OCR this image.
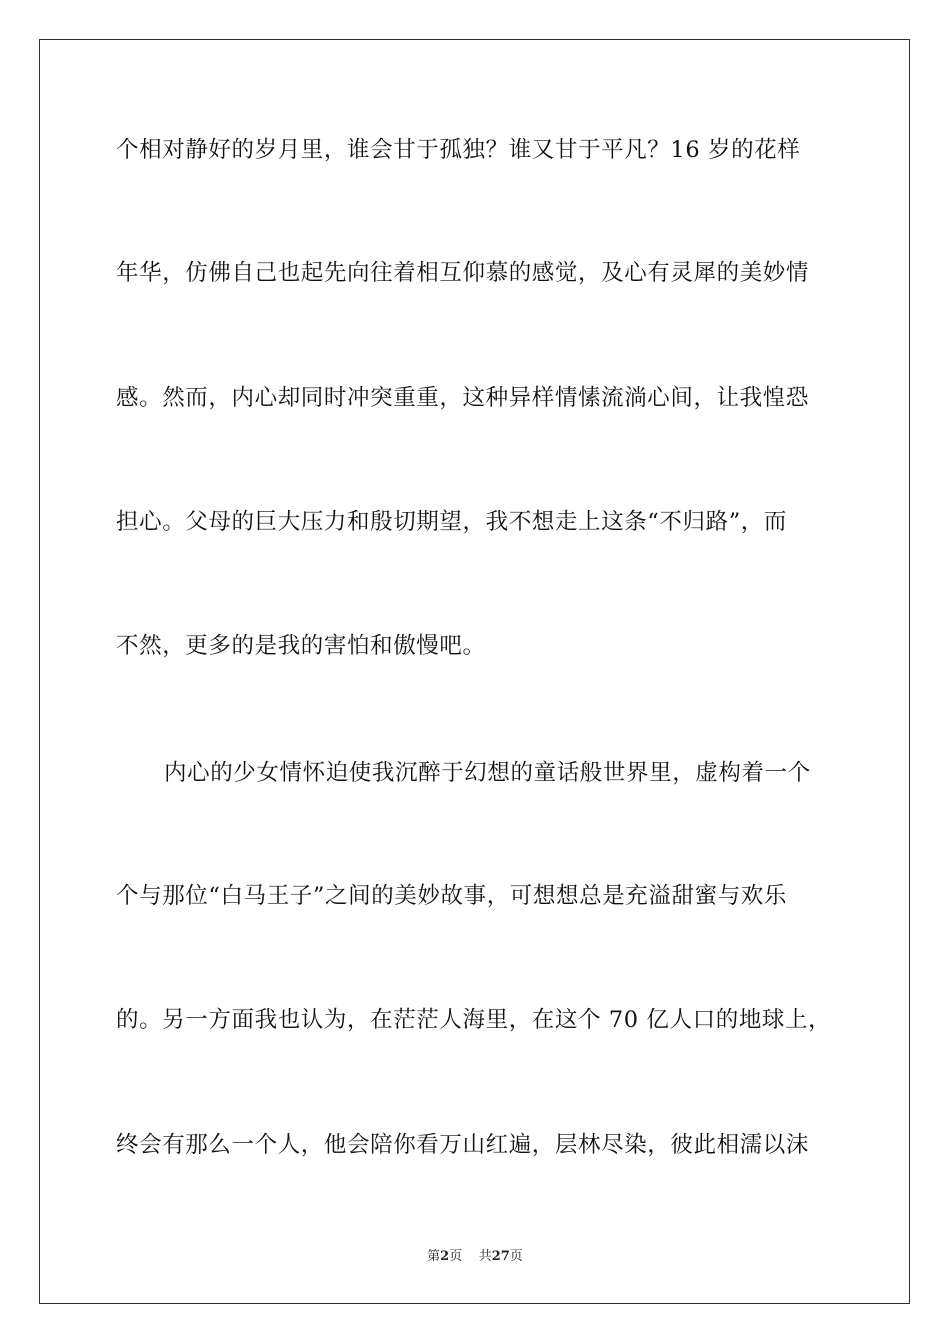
个相对静好的岁月里，谁会甘于孤独？谁又甘于平凡？16 岁的花样
年华，仿佛自己也起先向往着相互仰慕的感觉，及心有灵犀的美妙情
感。然而，内心却同时冲突重重，这种异样情愫流淌心间，让我惶恐
担心。父母的巨大压力和殷切期望，我不想走上这条“不归路”，而
不然，更多的是我的害怕和傲慢吧。
内心的少女情怀迫使我沉醉于幻想的童话般世界里，虚构着一个
个与那位“白马王子”之间的美妙故事，可想想总是充溢甜蜜与欢乐
的。另一方面我也认为，在茫茫人海里，在这个 70 亿人口的地球上，
终会有那么一个人，他会陪你看万山红遍，层林尽染，彼此相濡以沫
第2页 共27页
